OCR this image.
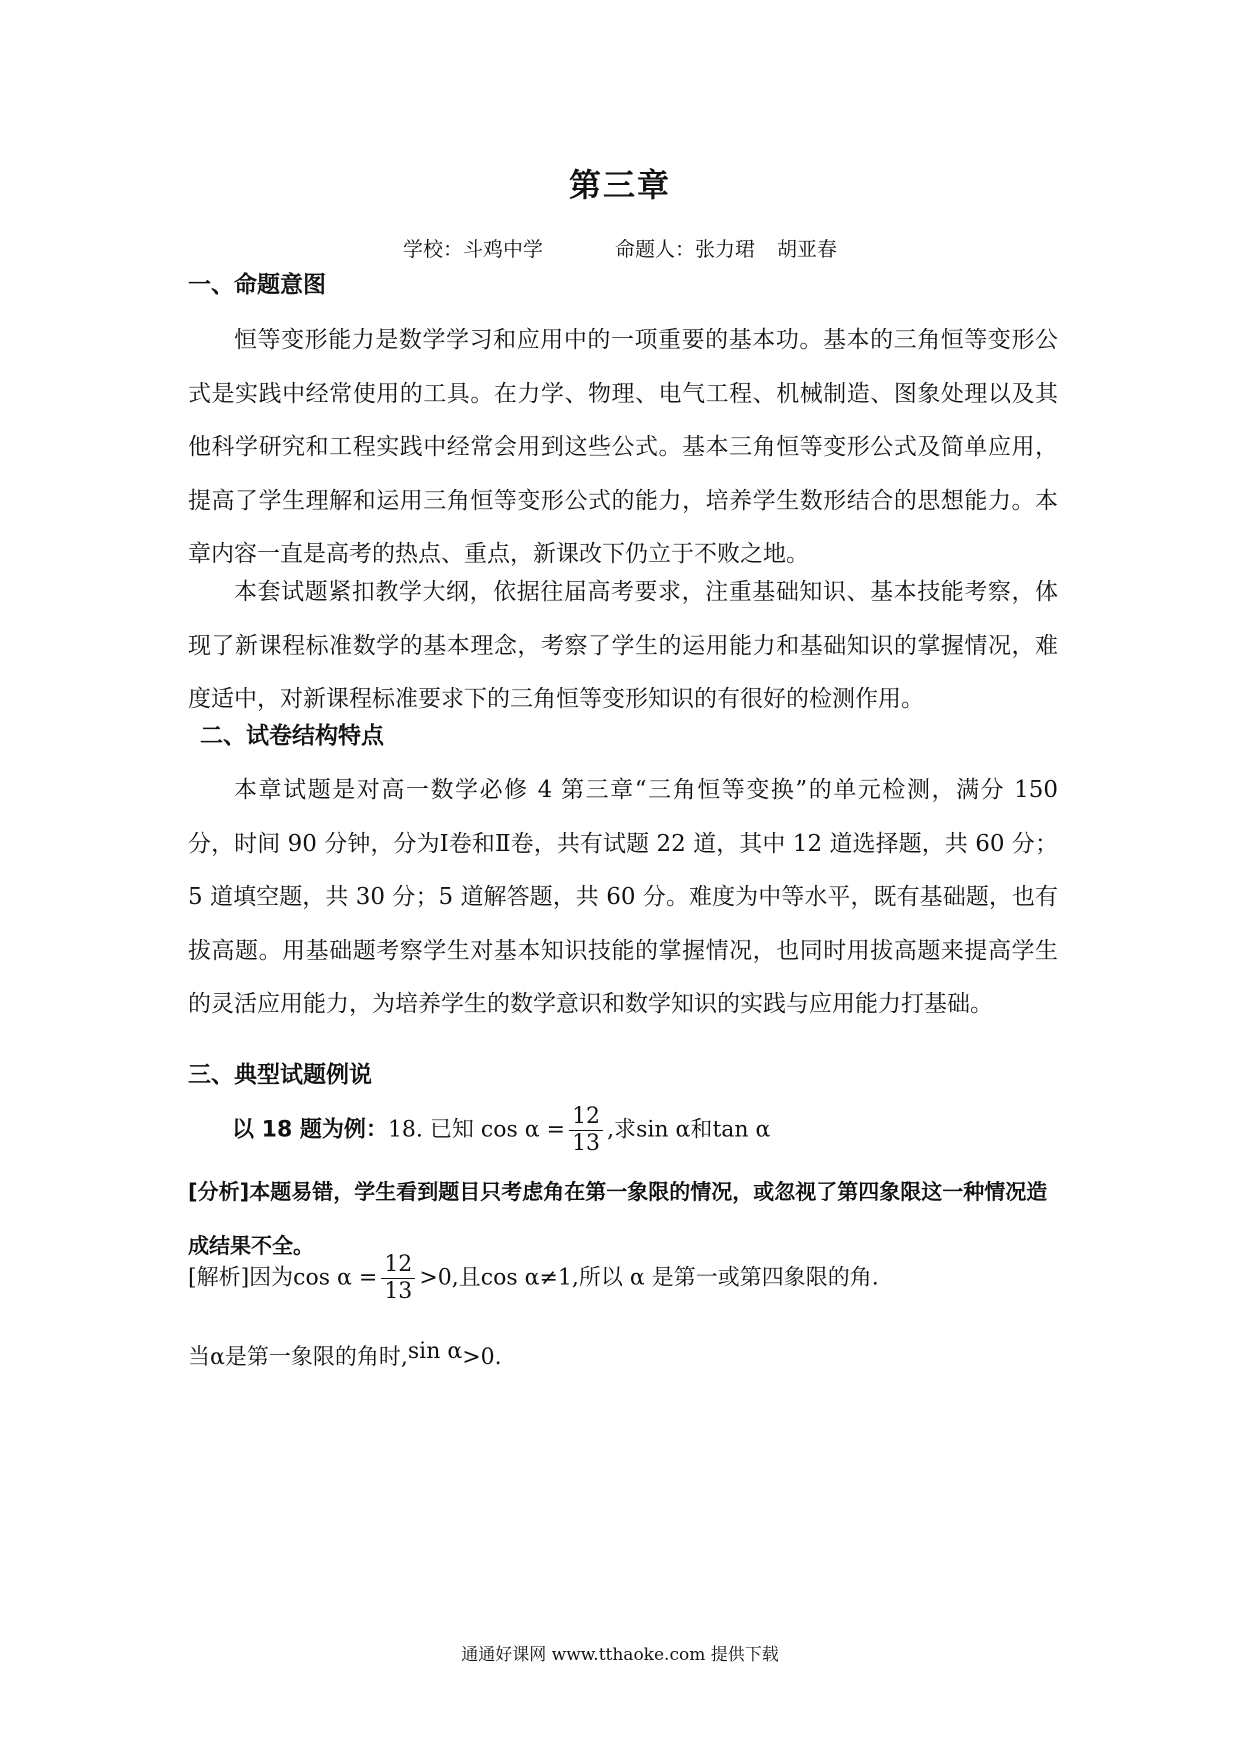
第三章
学校：斗鸡中学	命题人：张力珺 胡亚春
一、命题意图

恒等变形能力是数学学习和应用中的一项重要的基本功。基本的三角恒等变形公式是实践中经常使用的工具。在力学、物理、电气工程、机械制造、图象处理以及其他科学研究和工程实践中经常会用到这些公式。基本三角恒等变形公式及简单应用，提高了学生理解和运用三角恒等变形公式的能力，培养学生数形结合的思想能力。本章内容一直是高考的热点、重点，新课改下仍立于不败之地。

本套试题紧扣教学大纲，依据往届高考要求，注重基础知识、基本技能考察，体现了新课程标准数学的基本理念，考察了学生的运用能力和基础知识的掌握情况，难度适中，对新课程标准要求下的三角恒等变形知识的有很好的检测作用。

二、试卷结构特点

本章试题是对高一数学必修 4 第三章“三角恒等变换”的单元检测，满分 150 分，时间 90 分钟，分为Ⅰ卷和Ⅱ卷，共有试题 22 道，其中 12 道选择题，共 60 分；5 道填空题，共 30 分；5 道解答题，共 60 分。难度为中等水平，既有基础题，也有拔高题。用基础题考察学生对基本知识技能的掌握情况，也同时用拔高题来提高学生的灵活应用能力，为培养学生的数学意识和数学知识的实践与应用能力打基础。

三、典型试题例说
以 18 题为例：18. 已知 $\cos \alpha = \frac{12}{13}$ ,求sin α和tan α

[分析]本题易错，学生看到题目只考虑角在第一象限的情况，或忽视了第四象限这一种情况造成结果不全。

[解析]因为$\cos \alpha = \frac{12}{13} >0$,且cos α≠1,所以 α 是第一或第四象限的角.
当α是第一象限的角时,sin α>0.
通通好课网 www.tthaoke.com 提供下载
